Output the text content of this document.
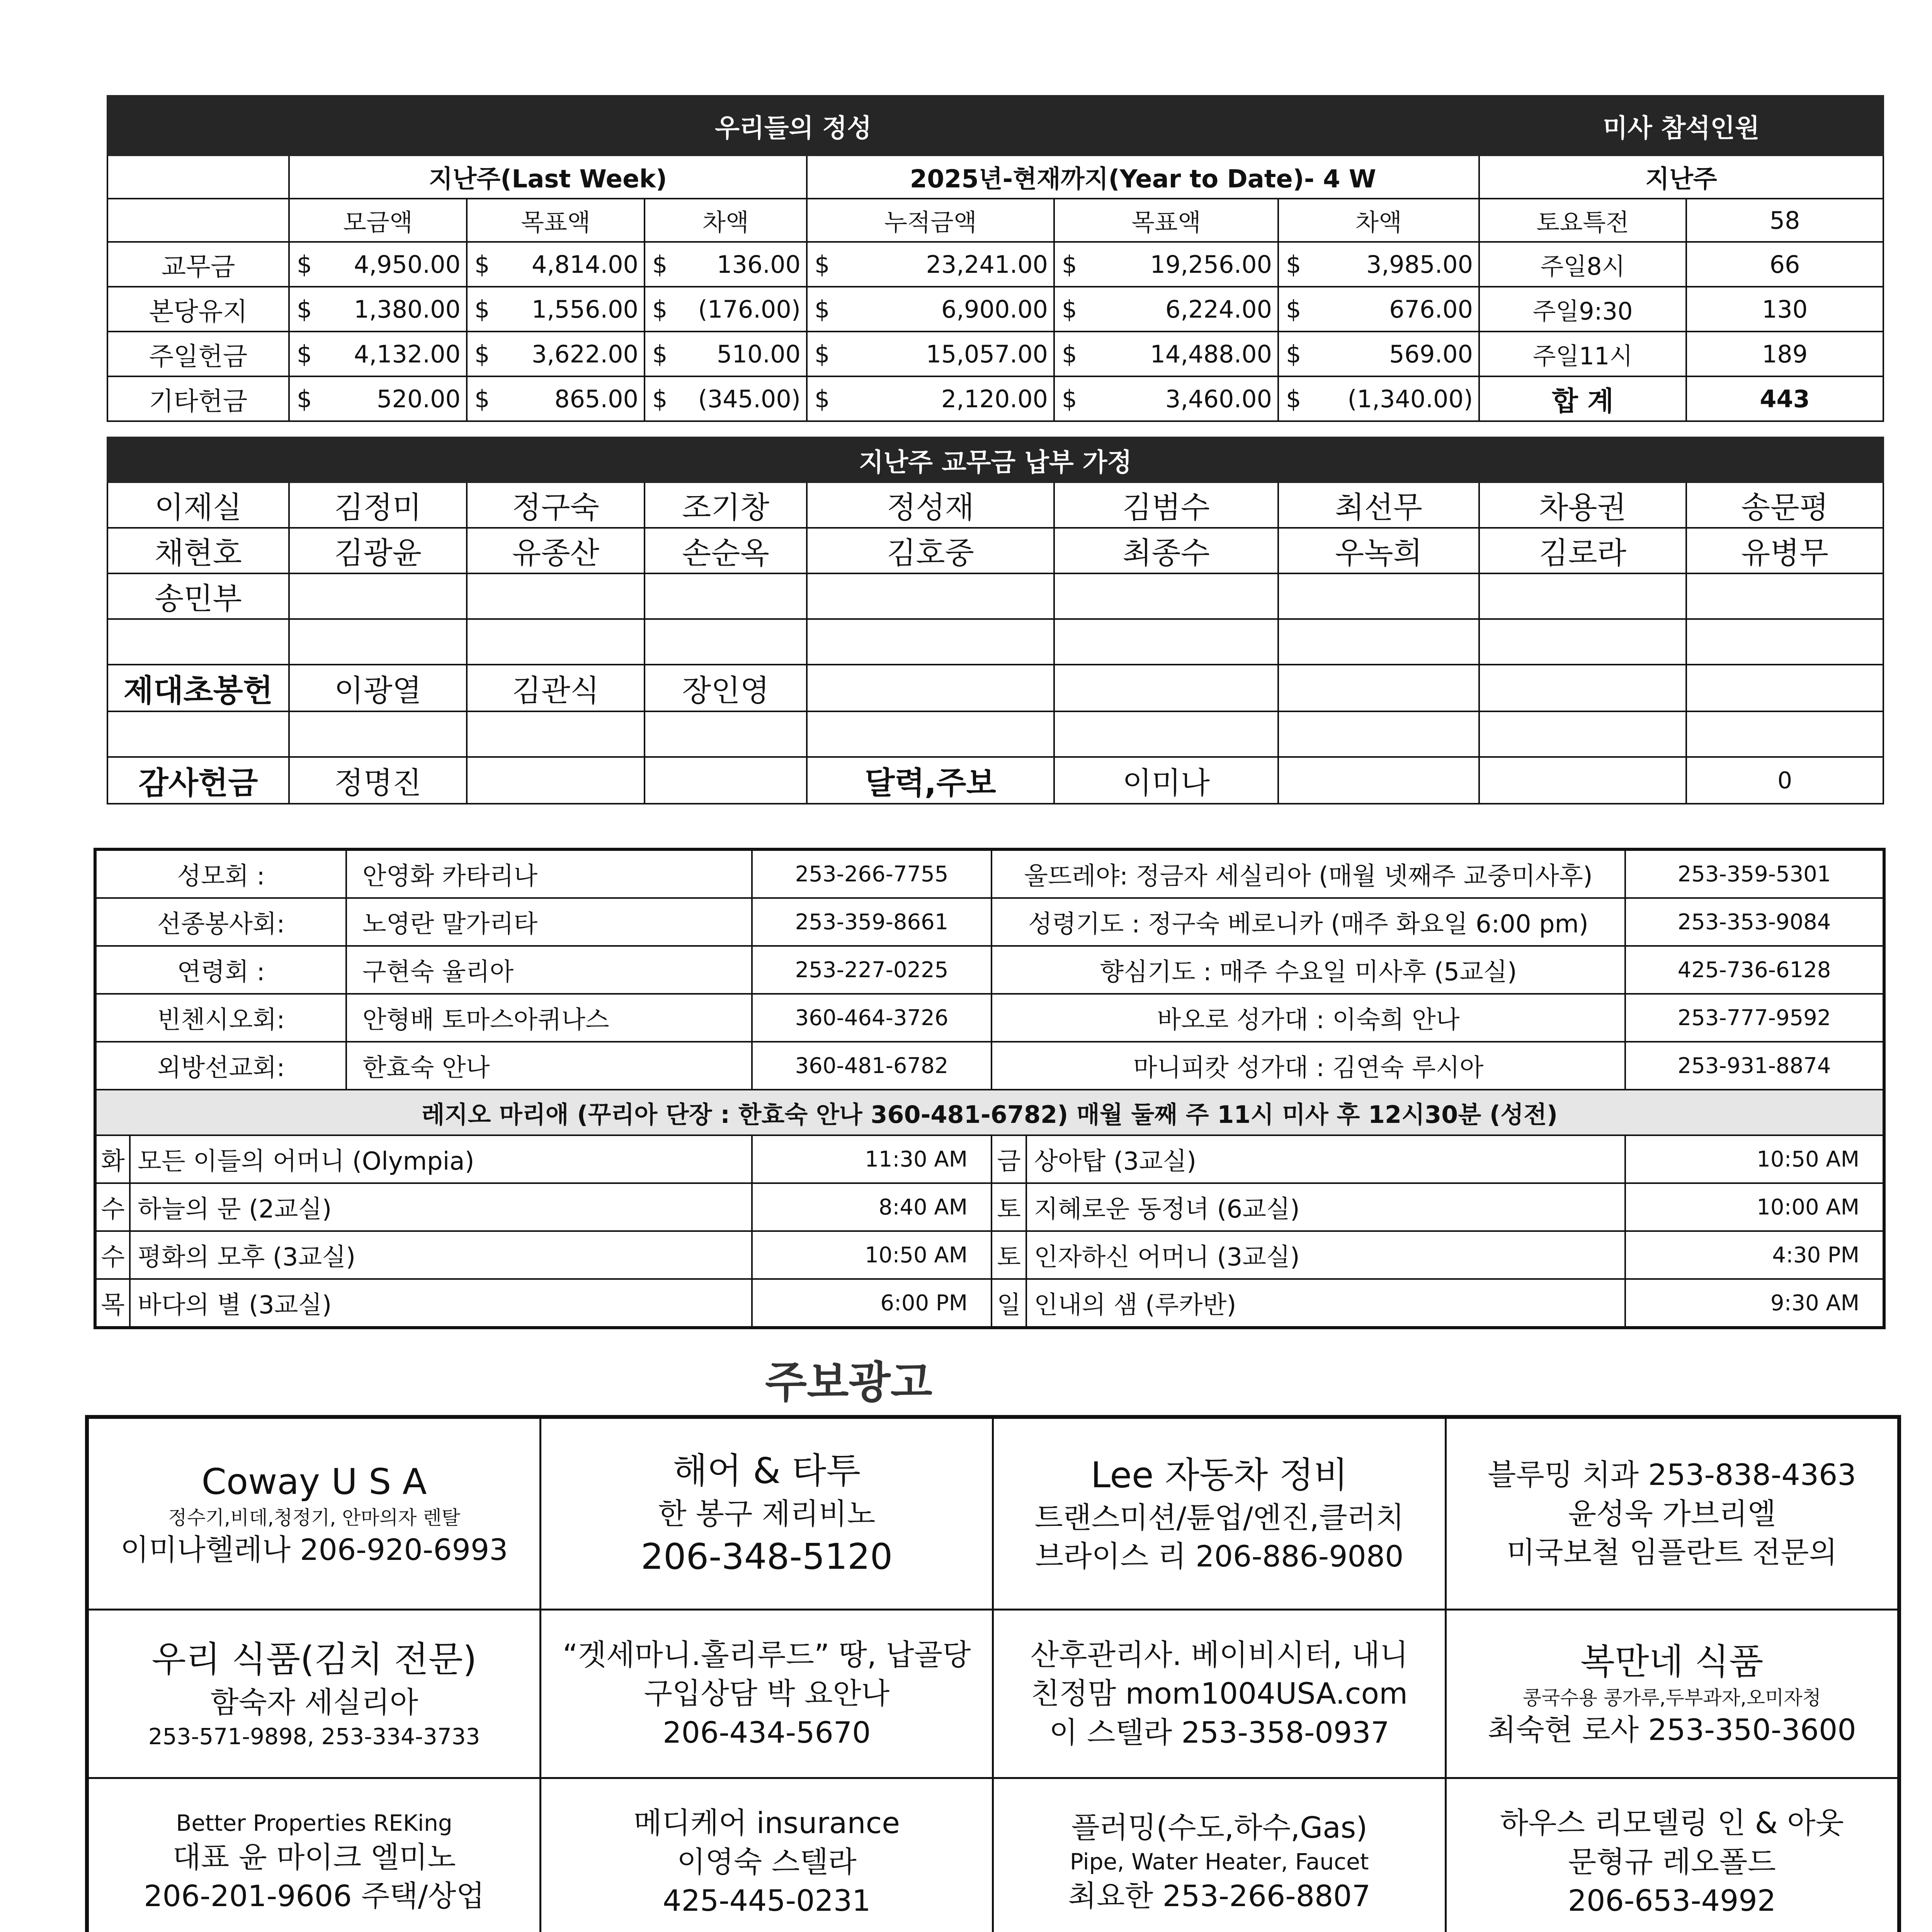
우리들의 정성							미사 참석인원	
	지난주(Last Week)			2025년-현재까지(Year to Date)- 4 W			지난주	
	모금액	목표액	차액	누적금액	목표액	차액	토요특전	58
교무금	$ 4,950.00	$ 4,814.00	$ 136.00	$ 23,241.00	$ 19,256.00	$ 3,985.00	주일8시	66
본당유지	$ 1,380.00	$ 1,556.00	$ (176.00)	$ 6,900.00	$ 6,224.00	$ 676.00	주일9:30	130
주일헌금	$ 4,132.00	$ 3,622.00	$ 510.00	$ 15,057.00	$ 14,488.00	$ 569.00	주일11시	189
기타헌금	$ 520.00	$ 865.00	$ (345.00)	$ 2,120.00	$ 3,460.00	$ (1,340.00)	합 계	443
지난주 교무금 납부 가정								
이제실	김정미	정구숙	조기창	정성재	김범수	최선무	차용권	송문평
채현호	김광윤	유종산	손순옥	김호중	최종수	우녹희	김로라	유병무
송민부								

제대초봉헌	이광열	김관식	장인영					

감사헌금	정명진			달력,주보	이미나			0
성모회 :		안영화 카타리나	253-266-7755	울뜨레야: 정금자 세실리아 (매월 넷째주 교중미사후)		253-359-5301
선종봉사회:		노영란 말가리타	253-359-8661	성령기도 : 정구숙 베로니카 (매주 화요일 6:00 pm)		253-353-9084
연령회 :		구현숙 율리아	253-227-0225	향심기도 : 매주 수요일 미사후 (5교실)		425-736-6128
빈첸시오회:		안형배 토마스아퀴나스	360-464-3726	바오로 성가대 : 이숙희 안나		253-777-9592
외방선교회:		한효숙 안나	360-481-6782	마니피캇 성가대 : 김연숙 루시아		253-931-8874
레지오 마리애 (꾸리아 단장 : 한효숙 안나 360-481-6782) 매월 둘째 주 11시 미사 후 12시30분 (성전)						
화	모든 이들의 어머니 (Olympia)		11:30 AM	금	상아탑 (3교실)	10:50 AM
수	하늘의 문 (2교실)		8:40 AM	토	지혜로운 동정녀 (6교실)	10:00 AM
수	평화의 모후 (3교실)		10:50 AM	토	인자하신 어머니 (3교실)	4:30 PM
목	바다의 별 (3교실)		6:00 PM	일	인내의 샘 (루카반)	9:30 AM
주보광고
Coway U S A
정수기,비데,청정기, 안마의자 렌탈
이미나헬레나 206-920-6993	해어 & 타투
한 봉구 제리비노
206-348-5120	Lee 자동차 정비
트랜스미션/튠업/엔진,클러치
브라이스 리 206-886-9080	블루밍 치과 253-838-4363
윤성욱 가브리엘
미국보철 임플란트 전문의

우리 식품(김치 전문)
함숙자 세실리아
253-571-9898, 253-334-3733	“겟세마니.홀리루드” 땅, 납골당
구입상담 박 요안나
206-434-5670	산후관리사. 베이비시터, 내니
친정맘 mom1004USA.com
이 스텔라 253-358-0937	복만네 식품
콩국수용 콩가루,두부과자,오미자청
최숙현 로사 253-350-3600

Better Properties REKing
대표 윤 마이크 엘미노
206-201-9606 주택/상업	메디케어 insurance
이영숙 스텔라
425-445-0231	플러밍(수도,하수,Gas)
Pipe, Water Heater, Faucet
최요한 253-266-8807	하우스 리모델링 인 & 아웃
문형규 레오폴드
206-653-4992
